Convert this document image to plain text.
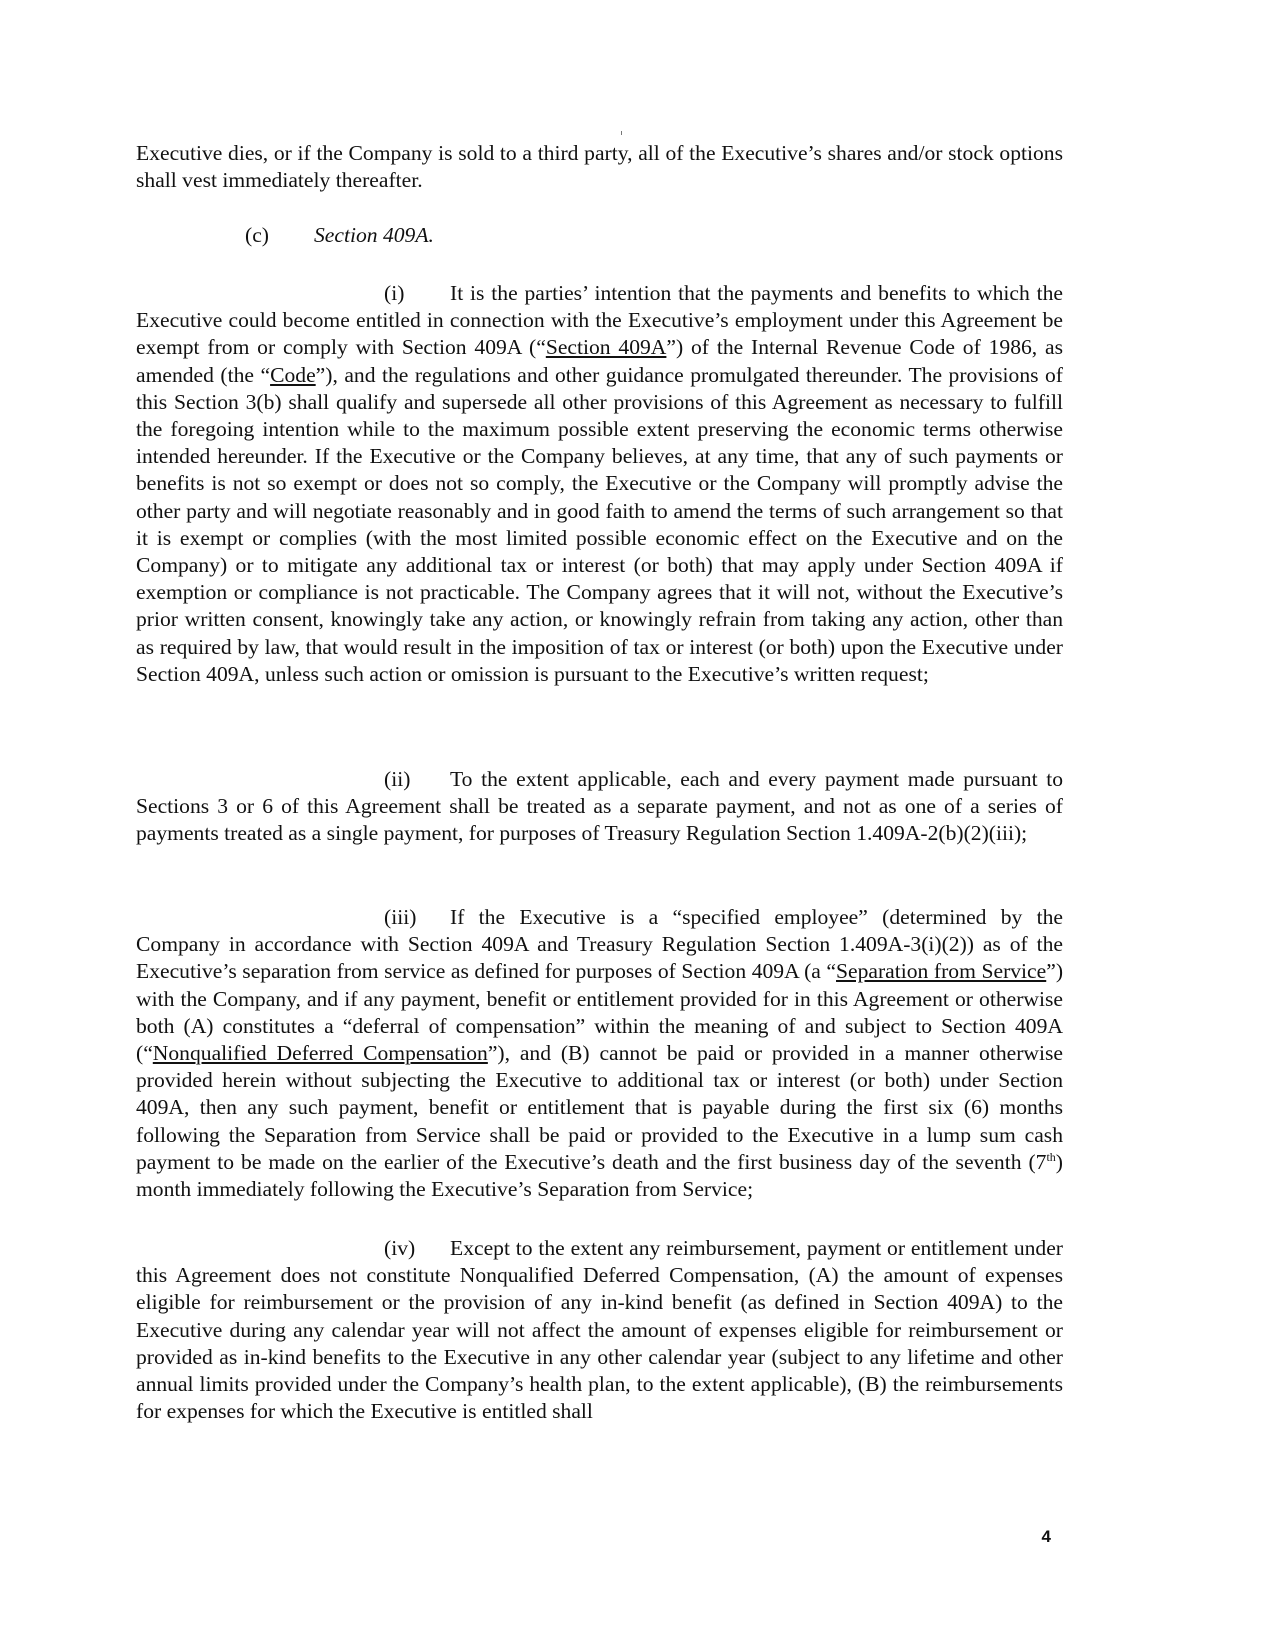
Executive dies, or if the Company is sold to a third party, all of the Executive’s shares and/or stock options shall vest immediately thereafter.

(c) Section 409A.

(i) It is the parties’ intention that the payments and benefits to which the Executive could become entitled in connection with the Executive’s employment under this Agreement be exempt from or comply with Section 409A (“Section 409A”) of the Internal Revenue Code of 1986, as amended (the “Code”), and the regulations and other guidance promulgated thereunder. The provisions of this Section 3(b) shall qualify and supersede all other provisions of this Agreement as necessary to fulfill the foregoing intention while to the maximum possible extent preserving the economic terms otherwise intended hereunder. If the Executive or the Company believes, at any time, that any of such payments or benefits is not so exempt or does not so comply, the Executive or the Company will promptly advise the other party and will negotiate reasonably and in good faith to amend the terms of such arrangement so that it is exempt or complies (with the most limited possible economic effect on the Executive and on the Company) or to mitigate any additional tax or interest (or both) that may apply under Section 409A if exemption or compliance is not practicable. The Company agrees that it will not, without the Executive’s prior written consent, knowingly take any action, or knowingly refrain from taking any action, other than as required by law, that would result in the imposition of tax or interest (or both) upon the Executive under Section 409A, unless such action or omission is pursuant to the Executive’s written request;

(ii) To the extent applicable, each and every payment made pursuant to Sections 3 or 6 of this Agreement shall be treated as a separate payment, and not as one of a series of payments treated as a single payment, for purposes of Treasury Regulation Section 1.409A-2(b)(2)(iii);

(iii) If the Executive is a “specified employee” (determined by the Company in accordance with Section 409A and Treasury Regulation Section 1.409A-3(i)(2)) as of the Executive’s separation from service as defined for purposes of Section 409A (a “Separation from Service”) with the Company, and if any payment, benefit or entitlement provided for in this Agreement or otherwise both (A) constitutes a “deferral of compensation” within the meaning of and subject to Section 409A (“Nonqualified Deferred Compensation”), and (B) cannot be paid or provided in a manner otherwise provided herein without subjecting the Executive to additional tax or interest (or both) under Section 409A, then any such payment, benefit or entitlement that is payable during the first six (6) months following the Separation from Service shall be paid or provided to the Executive in a lump sum cash payment to be made on the earlier of the Executive’s death and the first business day of the seventh (7th) month immediately following the Executive’s Separation from Service;

(iv) Except to the extent any reimbursement, payment or entitlement under this Agreement does not constitute Nonqualified Deferred Compensation, (A) the amount of expenses eligible for reimbursement or the provision of any in-kind benefit (as defined in Section 409A) to the Executive during any calendar year will not affect the amount of expenses eligible for reimbursement or provided as in-kind benefits to the Executive in any other calendar year (subject to any lifetime and other annual limits provided under the Company’s health plan, to the extent applicable), (B) the reimbursements for expenses for which the Executive is entitled shall

4
